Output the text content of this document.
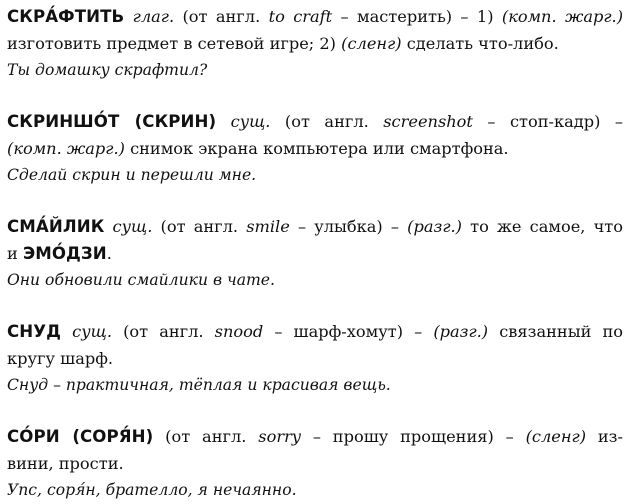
СКРА́ФТИТЬ глаг. (от англ. to craft – мастерить) – 1) (комп. жарг.)
изготовить предмет в сетевой игре; 2) (сленг) сделать что-либо.
Ты домашку скрафтил?
СКРИНШО́Т (СКРИН) сущ. (от англ. screenshot – стоп-кадр) –
(комп. жарг.) снимок экрана компьютера или смартфона.
Сделай скрин и перешли мне.
СМА́ЙЛИК сущ. (от англ. smile – улыбка) – (разг.) то же самое, что
и ЭМО́ДЗИ.
Они обновили смайлики в чате.
СНУД сущ. (от англ. snood – шарф-хомут) – (разг.) связанный по
кругу шарф.
Снуд – практичная, тёплая и красивая вещь.
СО́РИ (СОРЯ́Н) (от англ. sorry – прошу прощения) – (сленг) из-
вини, прости.
Упс, соря́н, брателло, я нечаянно.
